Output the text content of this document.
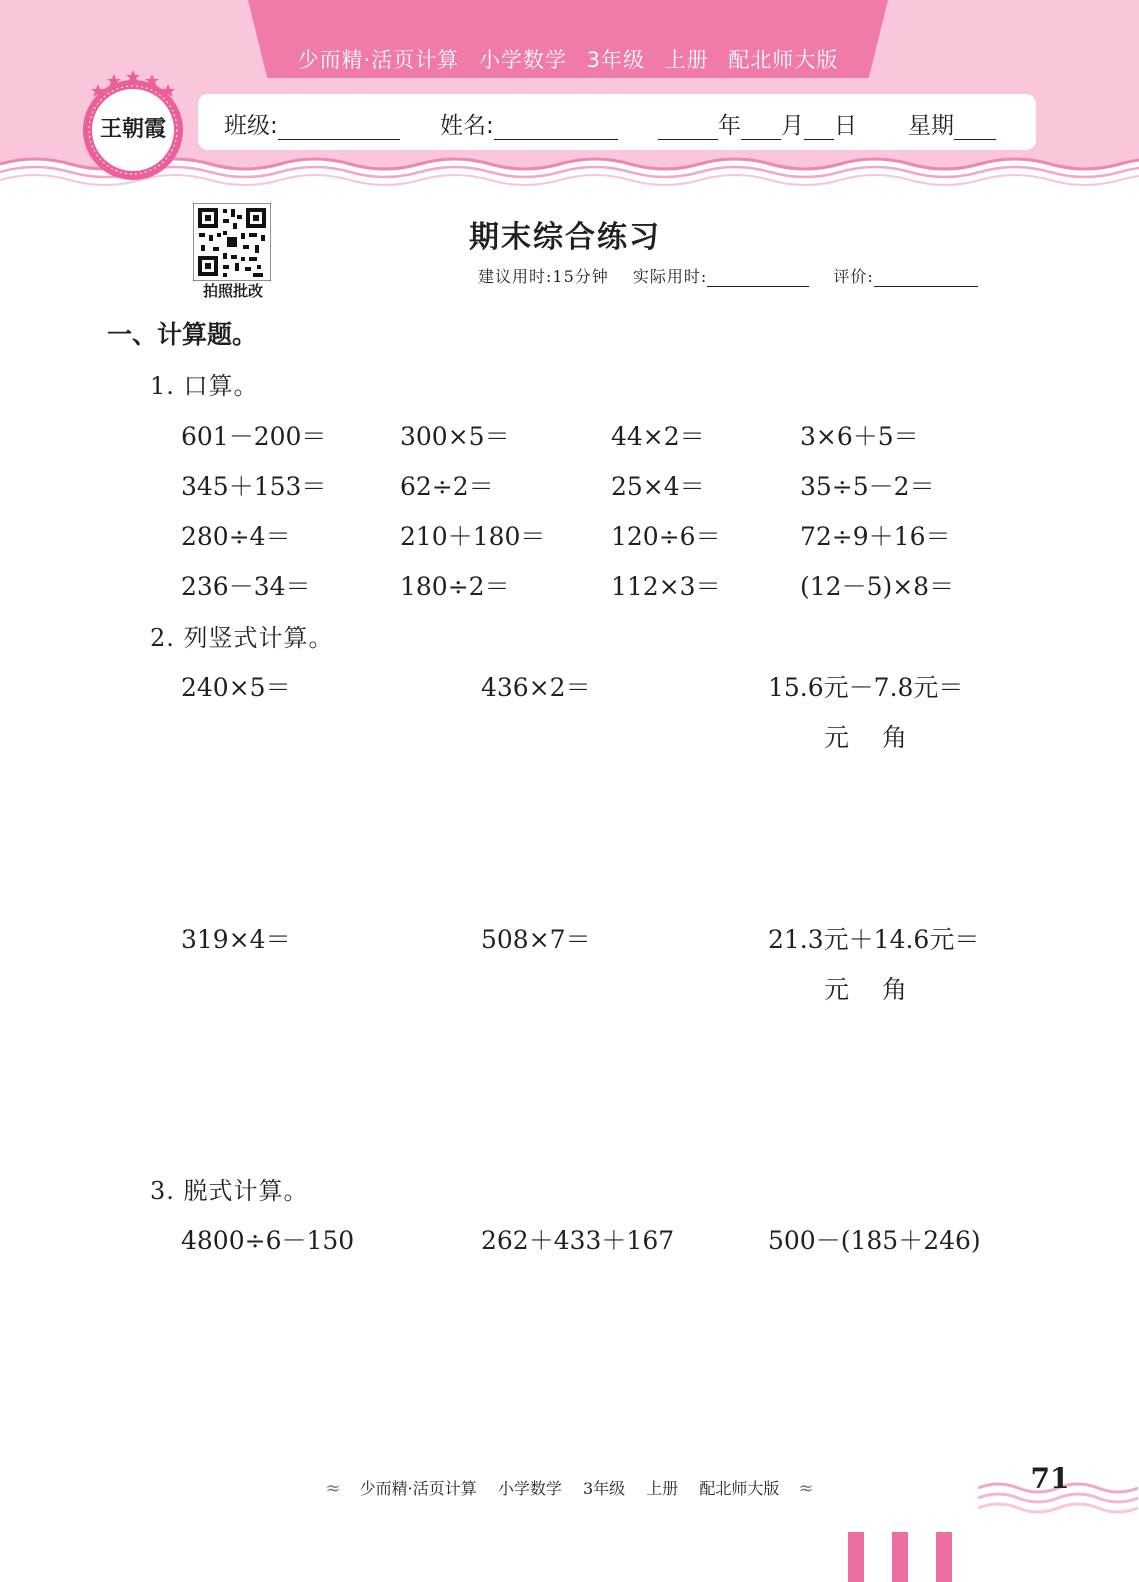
少而精·活页计算 小学数学 3年级 上册 配北师大版
王朝霞	班级:	姓名:	年 月 日 星期
拍照批改
期末综合练习
建议用时:15分钟 实际用时:	评价:
一、计算题。
1. 口算。
601－200＝	300×5＝	44×2＝	3×6＋5＝
345＋153＝	62÷2＝	25×4＝	35÷5－2＝
280÷4＝	210＋180＝	120÷6＝	72÷9＋16＝
236－34＝	180÷2＝	112×3＝	(12－5)×8＝
2. 列竖式计算。
240×5＝	436×2＝	15.6元－7.8元＝
元 角
319×4＝	508×7＝	21.3元＋14.6元＝
元 角
3. 脱式计算。
4800÷6－150	262＋433＋167	500－(185＋246)
≈ 少而精·活页计算 小学数学 3年级 上册 配北师大版 ≈	71
